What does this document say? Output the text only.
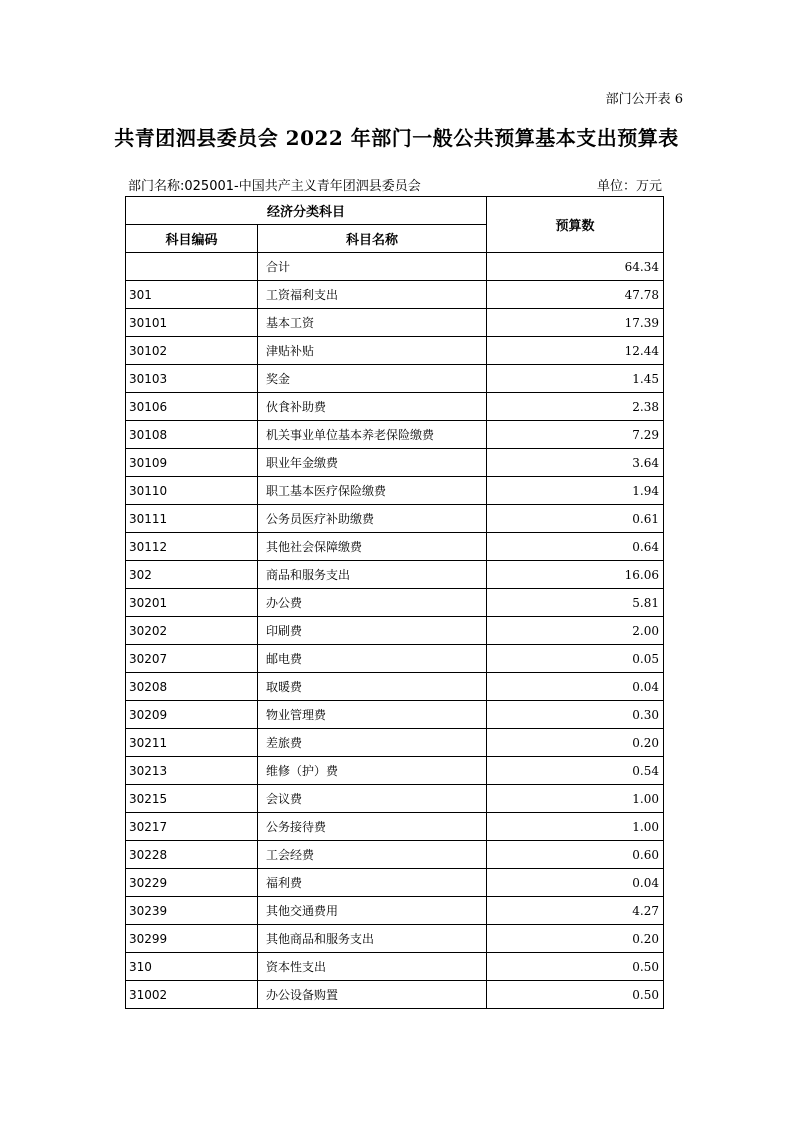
部门公开表 6
共青团泗县委员会 2022 年部门一般公共预算基本支出预算表
部门名称:025001-中国共产主义青年团泗县委员会	单位：万元
经济分类科目		预算数
科目编码	科目名称	
	合计	64.34
301	工资福利支出	47.78
30101	基本工资	17.39
30102	津贴补贴	12.44
30103	奖金	1.45
30106	伙食补助费	2.38
30108	机关事业单位基本养老保险缴费	7.29
30109	职业年金缴费	3.64
30110	职工基本医疗保险缴费	1.94
30111	公务员医疗补助缴费	0.61
30112	其他社会保障缴费	0.64
302	商品和服务支出	16.06
30201	办公费	5.81
30202	印刷费	2.00
30207	邮电费	0.05
30208	取暖费	0.04
30209	物业管理费	0.30
30211	差旅费	0.20
30213	维修（护）费	0.54
30215	会议费	1.00
30217	公务接待费	1.00
30228	工会经费	0.60
30229	福利费	0.04
30239	其他交通费用	4.27
30299	其他商品和服务支出	0.20
310	资本性支出	0.50
31002	办公设备购置	0.50
